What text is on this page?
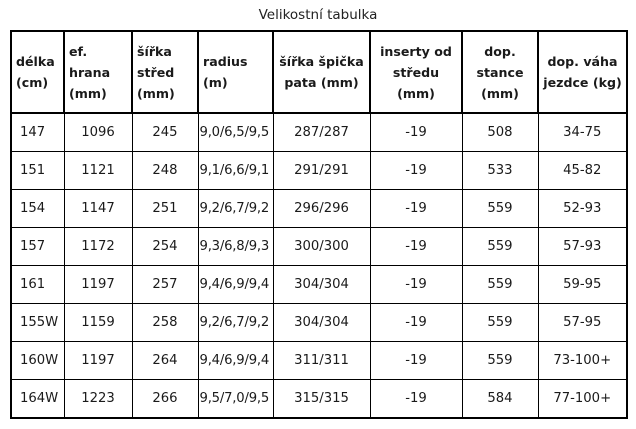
Velikostní tabulka
délka (cm)	ef. hrana (mm)	šířka střed (mm)	radius (m)	šířka špička pata (mm)	inserty od středu (mm)	dop. stance (mm)	dop. váha jezdce (kg)
147	1096	245	9,0/6,5/9,5	287/287	-19	508	34-75
151	1121	248	9,1/6,6/9,1	291/291	-19	533	45-82
154	1147	251	9,2/6,7/9,2	296/296	-19	559	52-93
157	1172	254	9,3/6,8/9,3	300/300	-19	559	57-93
161	1197	257	9,4/6,9/9,4	304/304	-19	559	59-95
155W	1159	258	9,2/6,7/9,2	304/304	-19	559	57-95
160W	1197	264	9,4/6,9/9,4	311/311	-19	559	73-100+
164W	1223	266	9,5/7,0/9,5	315/315	-19	584	77-100+
